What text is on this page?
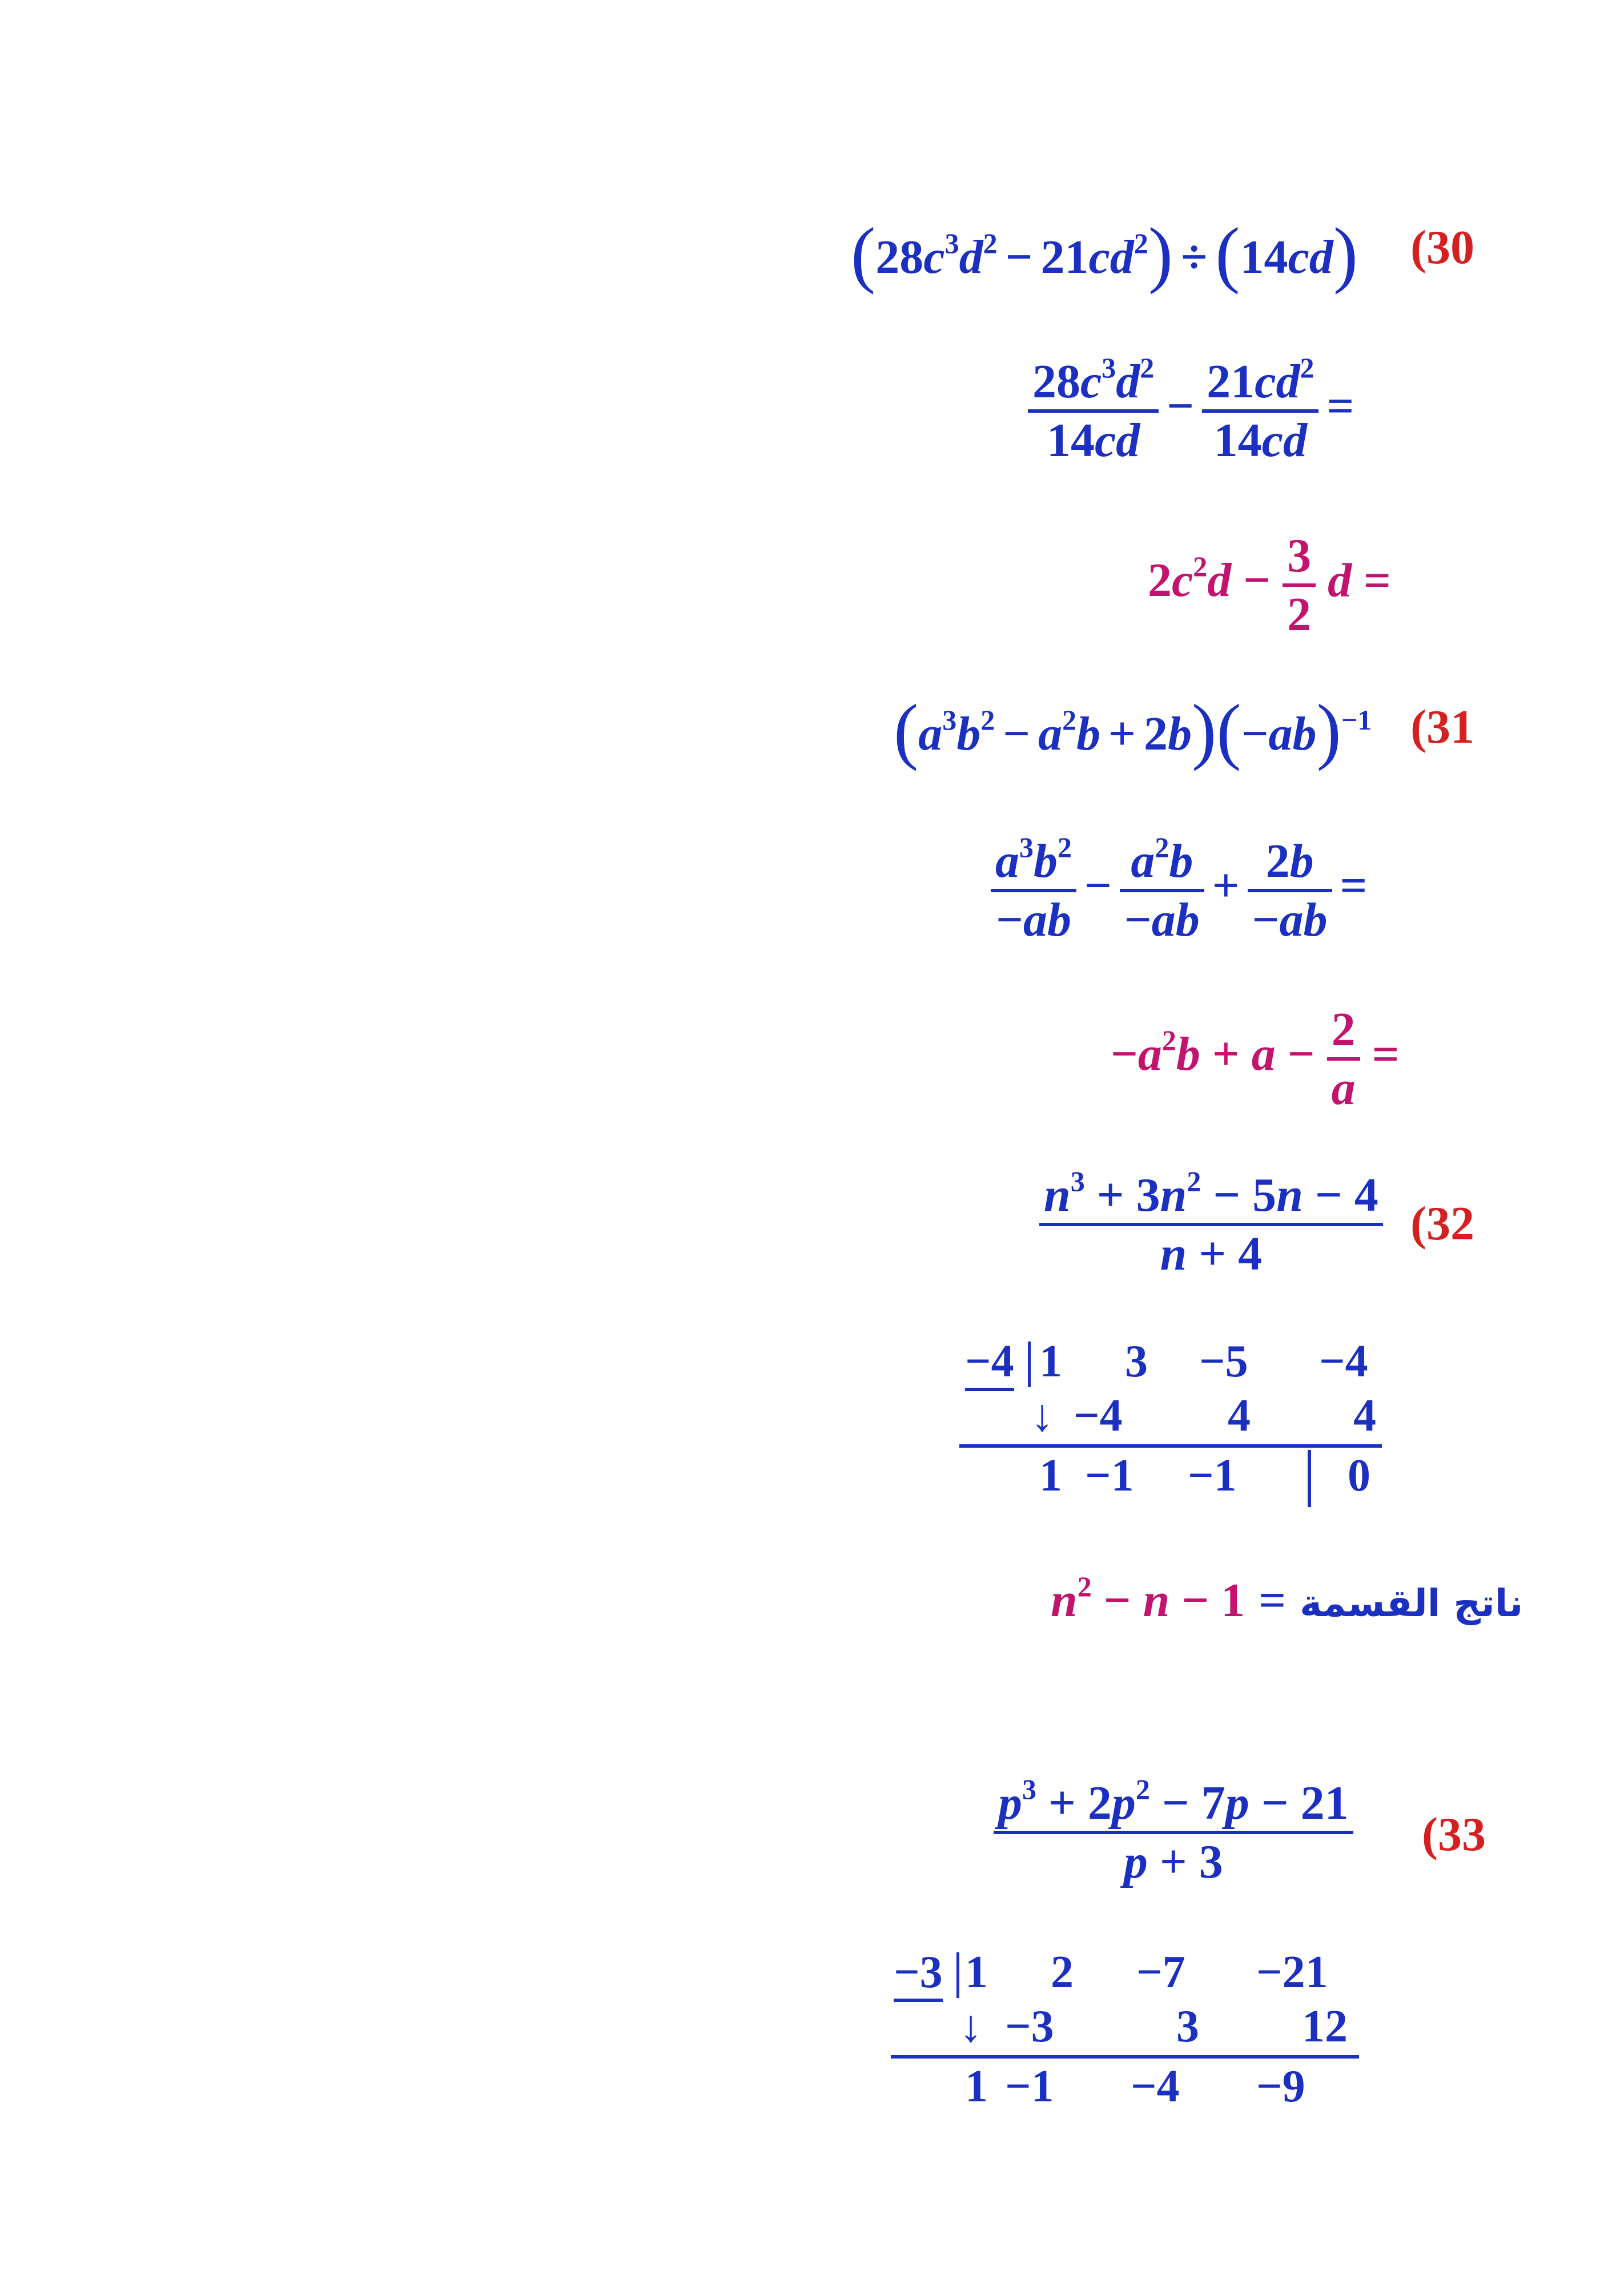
$(28c^3d^2 - 21cd^2) \div (14cd)$ (30
$\frac{28c^3d^2}{14cd} - \frac{21cd^2}{14cd}$ =
$2c^2d - \frac{3}{2}$ d =
$(a^3b^2 - a^2b + 2b)(-ab)^{-1}$ (31
$\frac{a^3b^2}{-ab} - \frac{a^2b}{-ab} + \frac{2b}{-ab}$ =
$-a^2b + a - \frac{2}{a}$ =
$\frac{n^3 + 3n^2 - 5n - 4}{n + 4} (32$
−4 1 3 −5 −4
↓ −4 4 4
1 −1 −1 0
$n^2 - n - 1$ = ناتج القسمة
$\frac{p^3 + 2p^2 - 7p - 21}{p + 3} (33$
−3 1 2 −7 −21
↓ −3	3 12
1 −1 −4 −9
